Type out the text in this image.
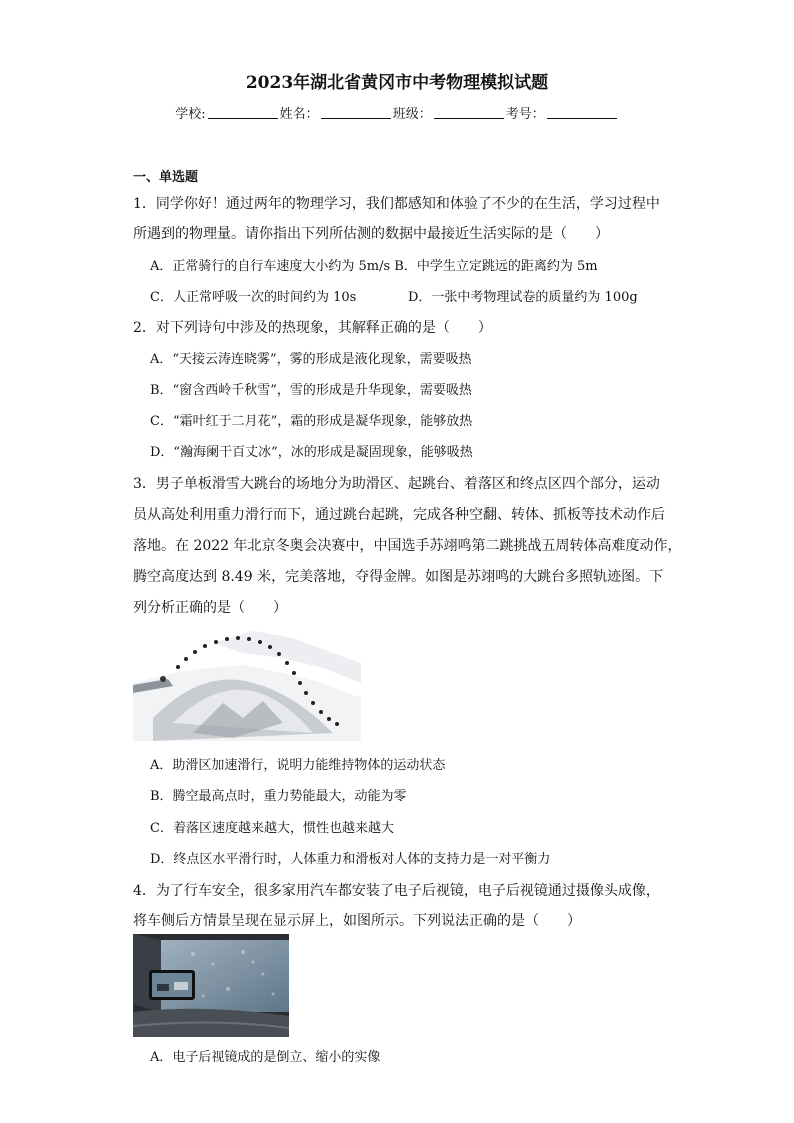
2023年湖北省黄冈市中考物理模拟试题
学校:	姓名：	班级：	考号：
一、单选题
1．同学你好！通过两年的物理学习，我们都感知和体验了不少的在生活，学习过程中
所遇到的物理量。请你指出下列所估测的数据中最接近生活实际的是（　　）
A．正常骑行的自行车速度大小约为 5m/s B．中学生立定跳远的距离约为 5m
C．人正常呼吸一次的时间约为 10s	D．一张中考物理试卷的质量约为 100g
2．对下列诗句中涉及的热现象，其解释正确的是（　　）
A．“天接云涛连晓雾”，雾的形成是液化现象，需要吸热
B．“窗含西岭千秋雪”，雪的形成是升华现象，需要吸热
C．“霜叶红于二月花”，霜的形成是凝华现象，能够放热
D．“瀚海阑干百丈冰”，冰的形成是凝固现象，能够吸热
3．男子单板滑雪大跳台的场地分为助滑区、起跳台、着落区和终点区四个部分，运动
员从高处利用重力滑行而下，通过跳台起跳，完成各种空翻、转体、抓板等技术动作后
落地。在 2022 年北京冬奥会决赛中，中国选手苏翊鸣第二跳挑战五周转体高难度动作，
腾空高度达到 8.49 米，完美落地，夺得金牌。如图是苏翊鸣的大跳台多照轨迹图。下
列分析正确的是（　　）
A．助滑区加速滑行，说明力能维持物体的运动状态
B．腾空最高点时，重力势能最大，动能为零
C．着落区速度越来越大，惯性也越来越大
D．终点区水平滑行时，人体重力和滑板对人体的支持力是一对平衡力
4．为了行车安全，很多家用汽车都安装了电子后视镜，电子后视镜通过摄像头成像，
将车侧后方情景呈现在显示屏上，如图所示。下列说法正确的是（　　）
A．电子后视镜成的是倒立、缩小的实像
